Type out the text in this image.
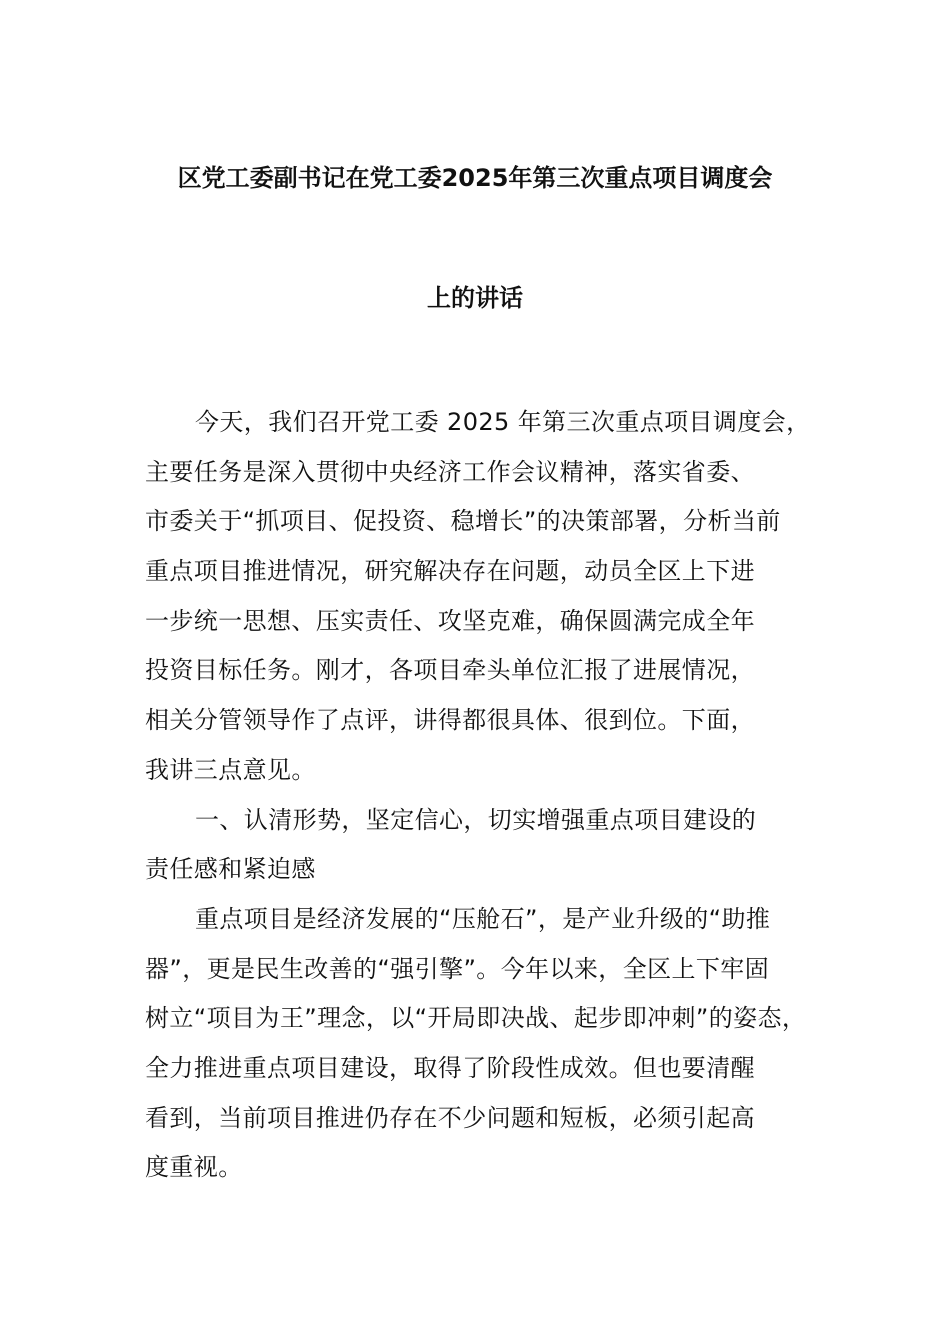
区党工委副书记在党工委2025年第三次重点项目调度会
上的讲话
今天，我们召开党工委 2025 年第三次重点项目调度会，
主要任务是深入贯彻中央经济工作会议精神，落实省委、
市委关于“抓项目、促投资、稳增长”的决策部署，分析当前
重点项目推进情况，研究解决存在问题，动员全区上下进
一步统一思想、压实责任、攻坚克难，确保圆满完成全年
投资目标任务。刚才，各项目牵头单位汇报了进展情况，
相关分管领导作了点评，讲得都很具体、很到位。下面，
我讲三点意见。
一、认清形势，坚定信心，切实增强重点项目建设的
责任感和紧迫感
重点项目是经济发展的“压舱石”，是产业升级的“助推
器”，更是民生改善的“强引擎”。今年以来，全区上下牢固
树立“项目为王”理念，以“开局即决战、起步即冲刺”的姿态，
全力推进重点项目建设，取得了阶段性成效。但也要清醒
看到，当前项目推进仍存在不少问题和短板，必须引起高
度重视。
